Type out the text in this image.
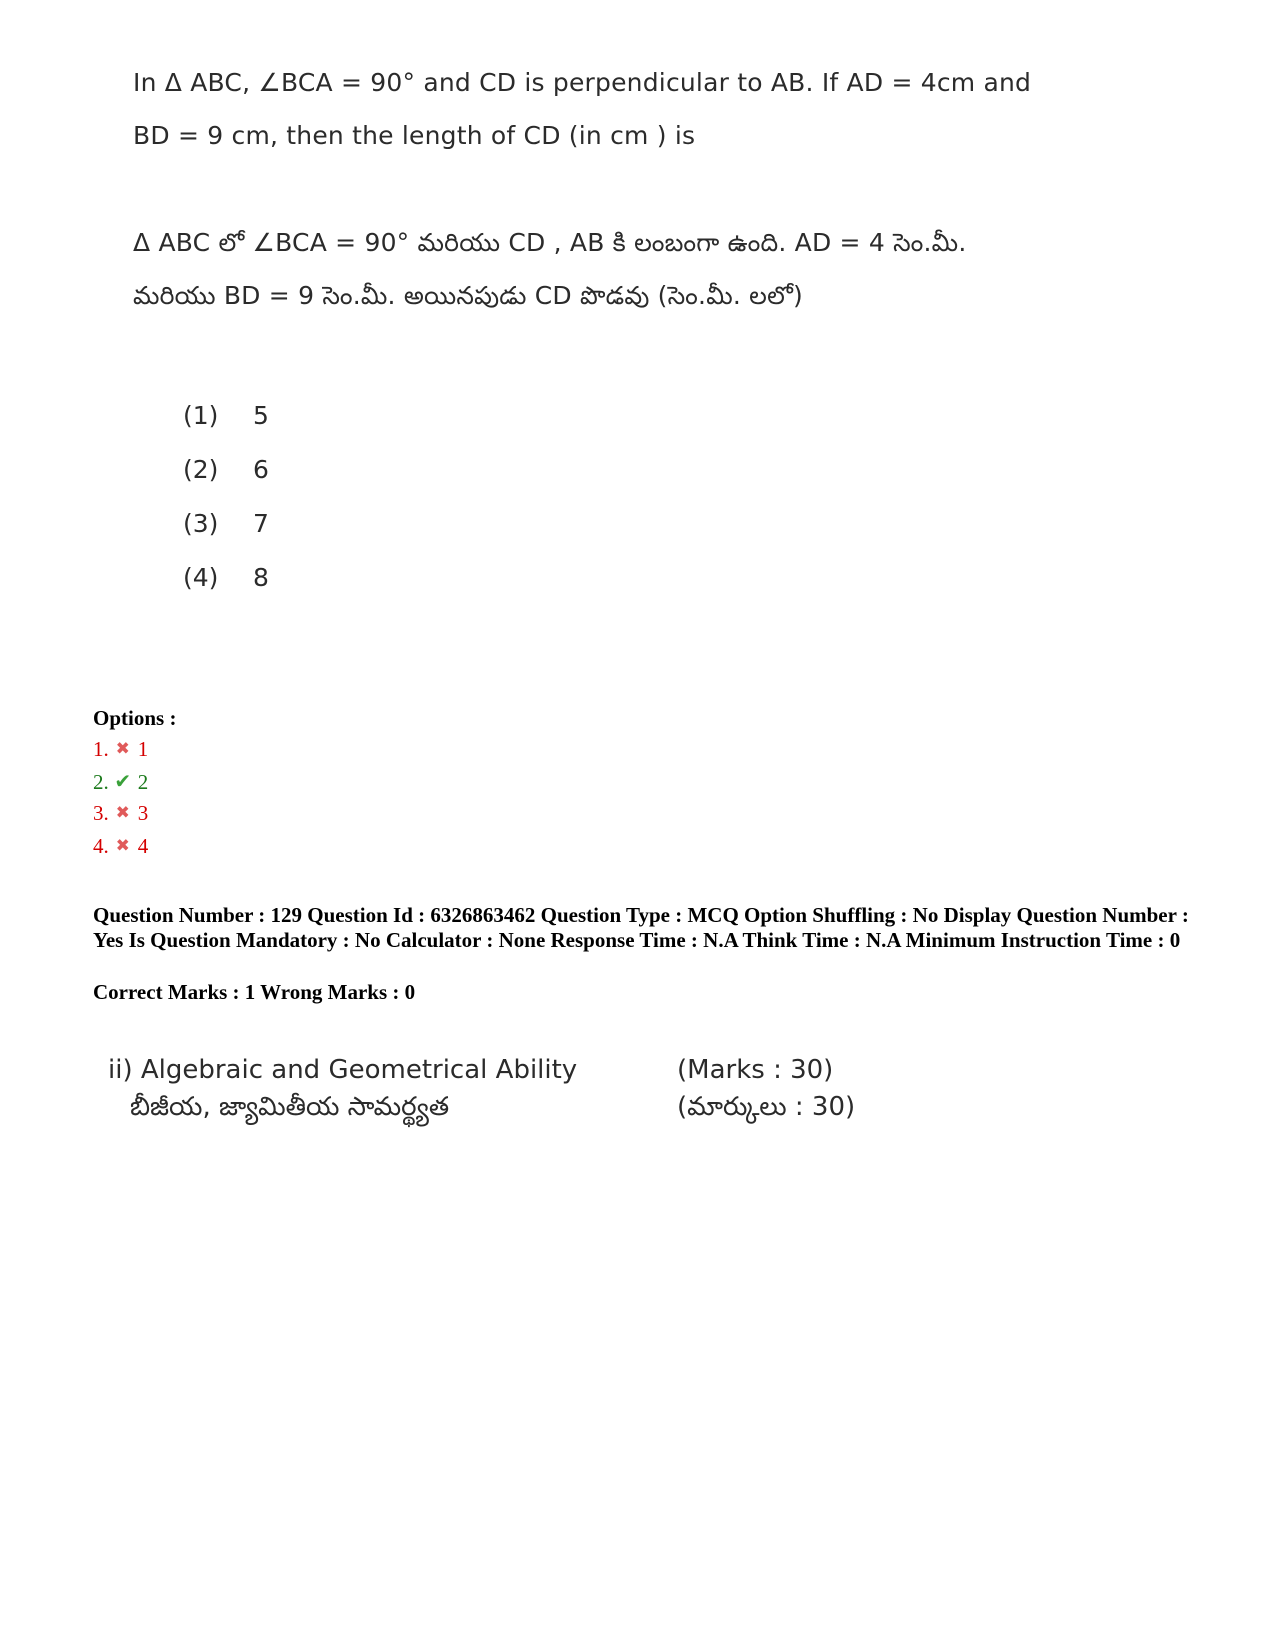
In Δ ABC, ∠BCA = 90° and CD is perpendicular to AB. If AD = 4cm and
BD = 9 cm, then the length of CD (in cm ) is
Δ ABC లో ∠BCA = 90° మరియు CD , AB కి లంబంగా ఉంది. AD = 4 సెం.మీ.
మరియు BD = 9 సెం.మీ. అయినపుడు CD పొడవు (సెం.మీ. లలో)
(1) 5
(2) 6
(3) 7
(4) 8
Options :
1. ✖ 1
2. ✔ 2
3. ✖ 3
4. ✖ 4
Question Number : 129 Question Id : 6326863462 Question Type : MCQ Option Shuffling : No Display Question Number : Yes Is Question Mandatory : No Calculator : None Response Time : N.A Think Time : N.A Minimum Instruction Time : 0
Correct Marks : 1 Wrong Marks : 0
ii) Algebraic and Geometrical Ability
బీజీయ, జ్యామితీయ సామర్థ్యత
(Marks : 30)
(మార్కులు : 30)
